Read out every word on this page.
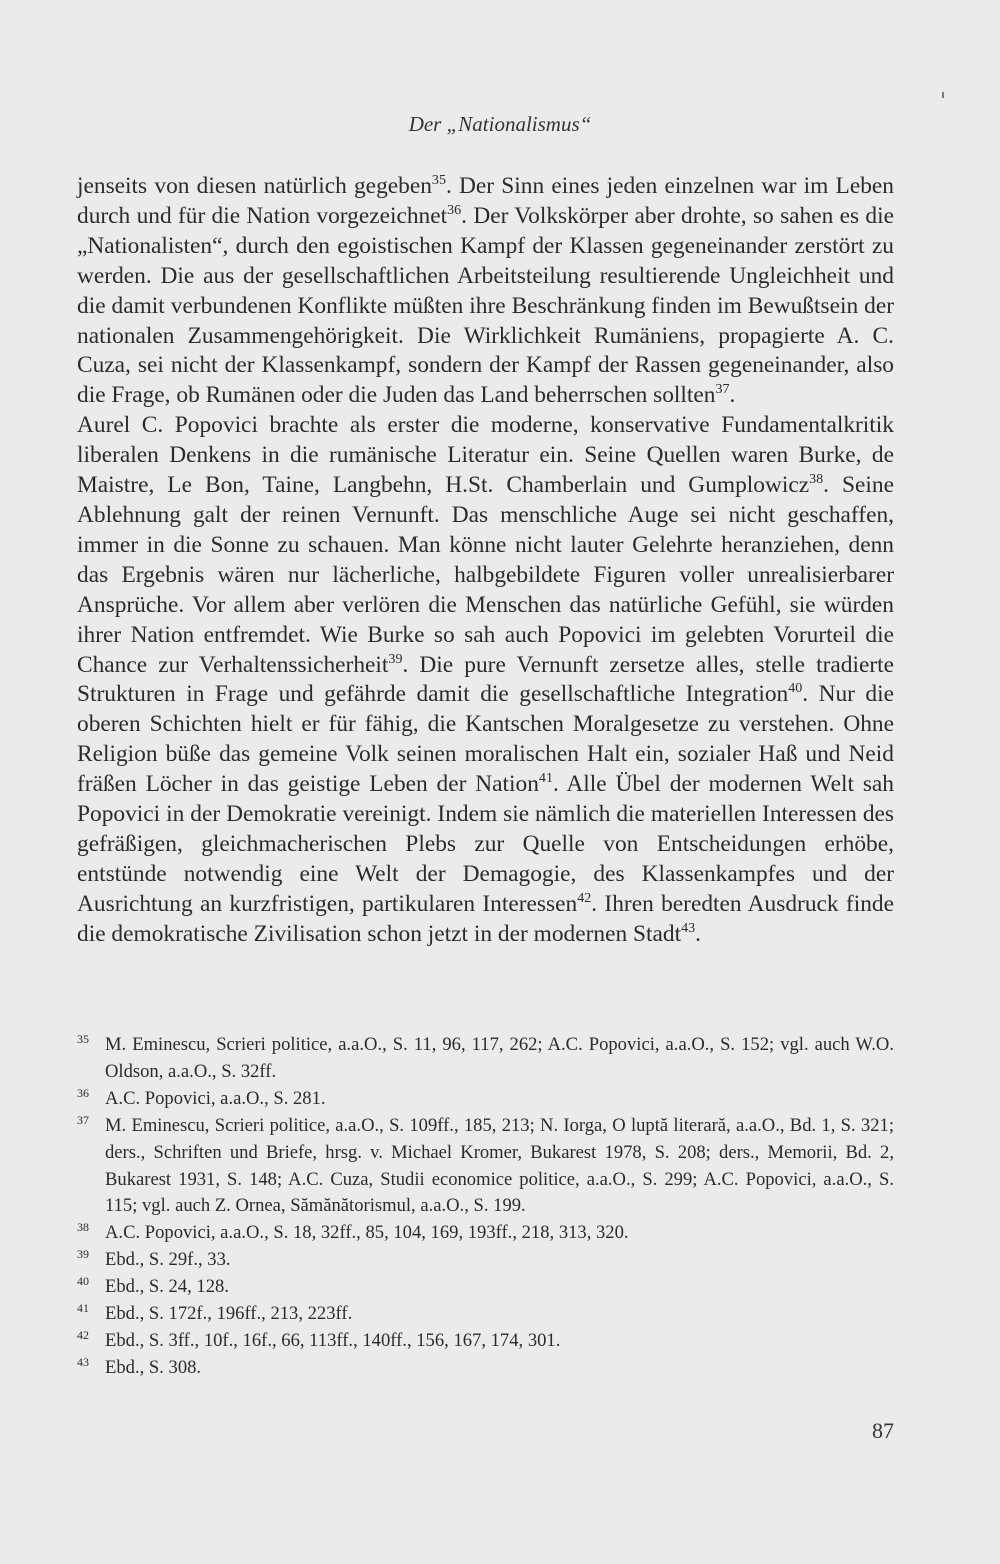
Der „Nationalismus“

jenseits von diesen natürlich gegeben$^{35}$. Der Sinn eines jeden einzelnen war im Leben durch und für die Nation vorgezeichnet$^{36}$. Der Volkskörper aber drohte, so sahen es die „Nationalisten“, durch den egoistischen Kampf der Klassen gegeneinander zerstört zu werden. Die aus der gesellschaftlichen Arbeitsteilung resultierende Ungleichheit und die damit verbundenen Konflikte müßten ihre Beschränkung finden im Bewußtsein der nationalen Zusammengehörigkeit. Die Wirklichkeit Rumäniens, propagierte A. C. Cuza, sei nicht der Klassenkampf, sondern der Kampf der Rassen gegeneinander, also die Frage, ob Rumänen oder die Juden das Land beherrschen sollten$^{37}$.

Aurel C. Popovici brachte als erster die moderne, konservative Fundamentalkritik liberalen Denkens in die rumänische Literatur ein. Seine Quellen waren Burke, de Maistre, Le Bon, Taine, Langbehn, H.St. Chamberlain und Gumplowicz$^{38}$. Seine Ablehnung galt der reinen Vernunft. Das menschliche Auge sei nicht geschaffen, immer in die Sonne zu schauen. Man könne nicht lauter Gelehrte heranziehen, denn das Ergebnis wären nur lächerliche, halbgebildete Figuren voller unrealisierbarer Ansprüche. Vor allem aber verlören die Menschen das natürliche Gefühl, sie würden ihrer Nation entfremdet. Wie Burke so sah auch Popovici im gelebten Vorurteil die Chance zur Verhaltenssicherheit$^{39}$. Die pure Vernunft zersetze alles, stelle tradierte Strukturen in Frage und gefährde damit die gesellschaftliche Integration$^{40}$. Nur die oberen Schichten hielt er für fähig, die Kantschen Moralgesetze zu verstehen. Ohne Religion büße das gemeine Volk seinen moralischen Halt ein, sozialer Haß und Neid fräßen Löcher in das geistige Leben der Nation$^{41}$. Alle Übel der modernen Welt sah Popovici in der Demokratie vereinigt. Indem sie nämlich die materiellen Interessen des gefräßigen, gleichmacherischen Plebs zur Quelle von Entscheidungen erhöbe, entstünde notwendig eine Welt der Demagogie, des Klassenkampfes und der Ausrichtung an kurzfristigen, partikularen Interessen$^{42}$. Ihren beredten Ausdruck finde die demokratische Zivilisation schon jetzt in der modernen Stadt$^{43}$.

35 M. Eminescu, Scrieri politice, a.a.O., S. 11, 96, 117, 262; A.C. Popovici, a.a.O., S. 152; vgl. auch W.O. Oldson, a.a.O., S. 32ff.

36 A.C. Popovici, a.a.O., S. 281.

37 M. Eminescu, Scrieri politice, a.a.O., S. 109ff., 185, 213; N. Iorga, O luptă literară, a.a.O., Bd. 1, S. 321; ders., Schriften und Briefe, hrsg. v. Michael Kromer, Bukarest 1978, S. 208; ders., Memorii, Bd. 2, Bukarest 1931, S. 148; A.C. Cuza, Studii economice politice, a.a.O., S. 299; A.C. Popovici, a.a.O., S. 115; vgl. auch Z. Ornea, Sămănătorismul, a.a.O., S. 199.

38 A.C. Popovici, a.a.O., S. 18, 32ff., 85, 104, 169, 193ff., 218, 313, 320.

39 Ebd., S. 29f., 33.

40 Ebd., S. 24, 128.

41 Ebd., S. 172f., 196ff., 213, 223ff.

42 Ebd., S. 3ff., 10f., 16f., 66, 113ff., 140ff., 156, 167, 174, 301.

43 Ebd., S. 308.

87
